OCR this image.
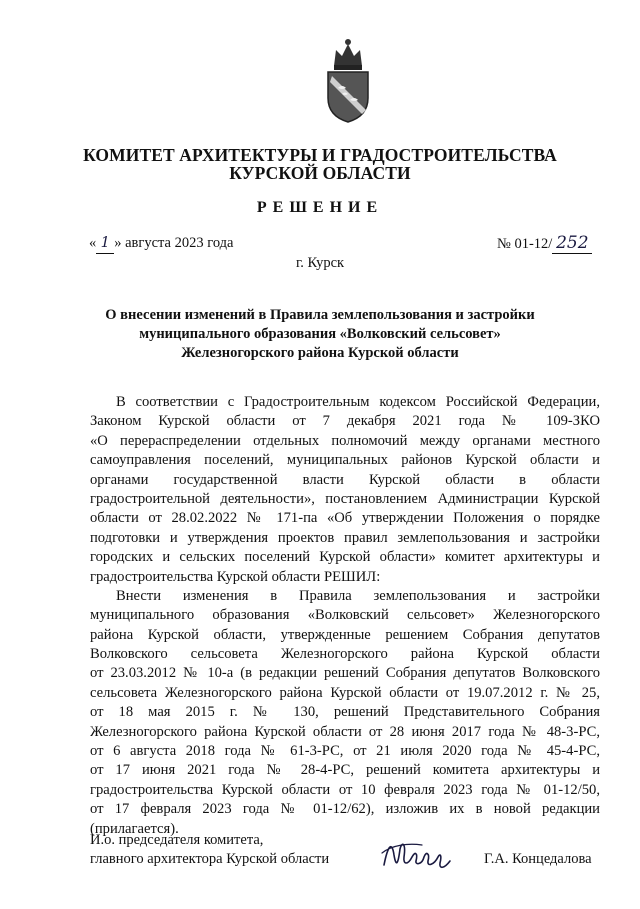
КОМИТЕТ АРХИТЕКТУРЫ И ГРАДОСТРОИТЕЛЬСТВА
КУРСКОЙ ОБЛАСТИ
РЕШЕНИЕ
« 1 » августа 2023 года	№ 01-12/ 252
г. Курск
О внесении изменений в Правила землепользования и застройки
муниципального образования «Волковский сельсовет»
Железногорского района Курской области
В соответствии с Градостроительным кодексом Российской Федерации,
Законом Курской области от 7 декабря 2021 года № 109-ЗКО
«О перераспределении отдельных полномочий между органами местного
самоуправления поселений, муниципальных районов Курской области и
органами государственной власти Курской области в области
градостроительной деятельности», постановлением Администрации Курской
области от 28.02.2022 № 171-па «Об утверждении Положения о порядке
подготовки и утверждения проектов правил землепользования и застройки
городских и сельских поселений Курской области» комитет архитектуры и
градостроительства Курской области РЕШИЛ:
Внести изменения в Правила землепользования и застройки
муниципального образования «Волковский сельсовет» Железногорского
района Курской области, утвержденные решением Собрания депутатов
Волковского сельсовета Железногорского района Курской области
от 23.03.2012 № 10-а (в редакции решений Собрания депутатов Волковского
сельсовета Железногорского района Курской области от 19.07.2012 г. № 25,
от 18 мая 2015 г. № 130, решений Представительного Собрания
Железногорского района Курской области от 28 июня 2017 года № 48-3-РС,
от 6 августа 2018 года № 61-3-РС, от 21 июля 2020 года № 45-4-РС,
от 17 июня 2021 года № 28-4-РС, решений комитета архитектуры и
градостроительства Курской области от 10 февраля 2023 года № 01-12/50,
от 17 февраля 2023 года № 01-12/62), изложив их в новой редакции
(прилагается).
И.о. председателя комитета,
главного архитектора Курской области	Г.А. Концедалова
